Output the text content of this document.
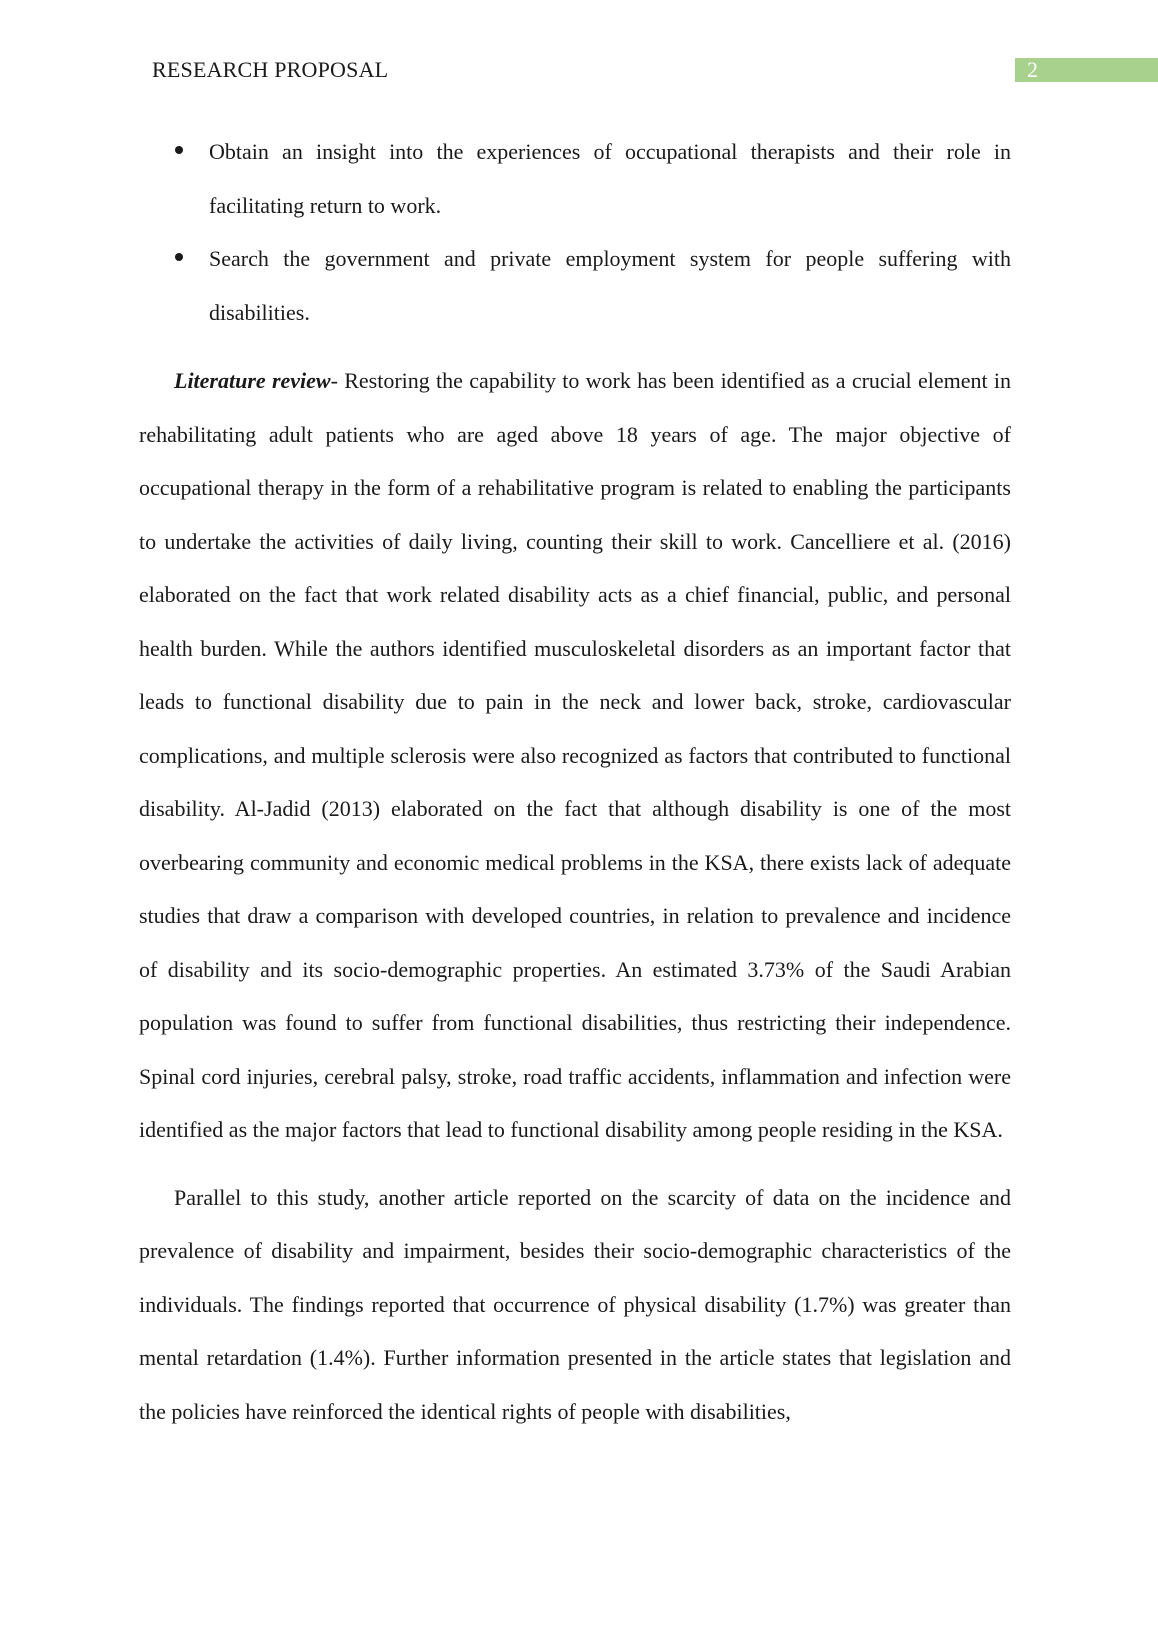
RESEARCH PROPOSAL	2
Obtain an insight into the experiences of occupational therapists and their role in facilitating return to work.
Search the government and private employment system for people suffering with disabilities.

Literature review- Restoring the capability to work has been identified as a crucial element in rehabilitating adult patients who are aged above 18 years of age. The major objective of occupational therapy in the form of a rehabilitative program is related to enabling the participants to undertake the activities of daily living, counting their skill to work. Cancelliere et al. (2016) elaborated on the fact that work related disability acts as a chief financial, public, and personal health burden. While the authors identified musculoskeletal disorders as an important factor that leads to functional disability due to pain in the neck and lower back, stroke, cardiovascular complications, and multiple sclerosis were also recognized as factors that contributed to functional disability. Al-Jadid (2013) elaborated on the fact that although disability is one of the most overbearing community and economic medical problems in the KSA, there exists lack of adequate studies that draw a comparison with developed countries, in relation to prevalence and incidence of disability and its socio-demographic properties. An estimated 3.73% of the Saudi Arabian population was found to suffer from functional disabilities, thus restricting their independence. Spinal cord injuries, cerebral palsy, stroke, road traffic accidents, inflammation and infection were identified as the major factors that lead to functional disability among people residing in the KSA.

Parallel to this study, another article reported on the scarcity of data on the incidence and prevalence of disability and impairment, besides their socio-demographic characteristics of the individuals. The findings reported that occurrence of physical disability (1.7%) was greater than mental retardation (1.4%). Further information presented in the article states that legislation and the policies have reinforced the identical rights of people with disabilities,
